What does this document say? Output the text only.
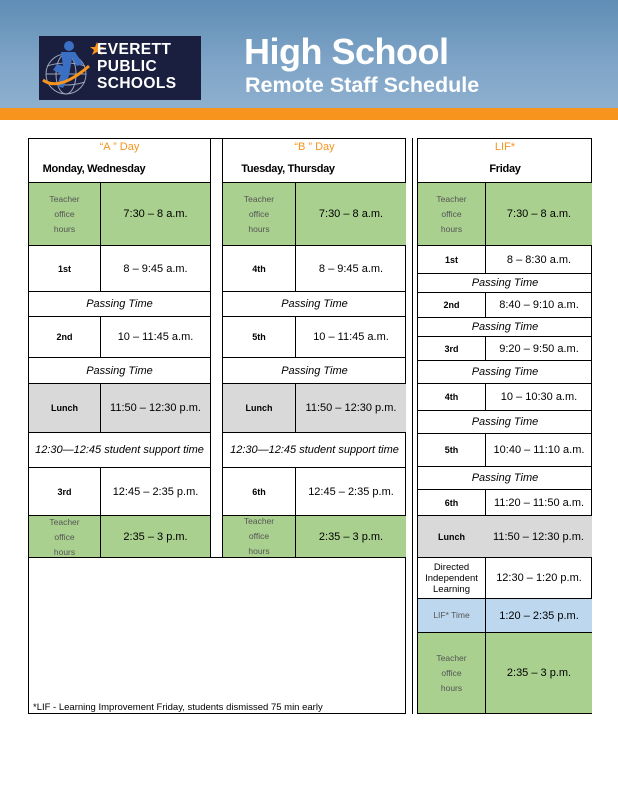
EVERETT
PUBLIC
SCHOOLS
High School
Remote Staff Schedule
“A ” Day
Monday, Wednesday
Teacher office hours
7:30 – 8 a.m.
1st	8 – 9:45 a.m.
Passing Time
2nd	10 – 11:45 a.m.
Passing Time
Lunch	11:50 – 12:30 p.m.
12:30—12:45 student support time
3rd	12:45 – 2:35 p.m.
Teacher office hours
2:35 – 3 p.m.
“B ” Day
Tuesday, Thursday
Teacher office hours
7:30 – 8 a.m.
4th	8 – 9:45 a.m.
Passing Time
5th	10 – 11:45 a.m.
Passing Time
Lunch	11:50 – 12:30 p.m.
12:30—12:45 student support time
6th	12:45 – 2:35 p.m.
Teacher office hours
2:35 – 3 p.m.
LIF*
Friday
Teacher office hours
7:30 – 8 a.m.
1st	8 – 8:30 a.m.
Passing Time
2nd	8:40 – 9:10 a.m.
Passing Time
3rd	9:20 – 9:50 a.m.
Passing Time
4th	10 – 10:30 a.m.
Passing Time
5th	10:40 – 11:10 a.m.
Passing Time
6th	11:20 – 11:50 a.m.
Lunch	11:50 – 12:30 p.m.
Directed Independent Learning
12:30 – 1:20 p.m.
LIF* Time	1:20 – 2:35 p.m.
Teacher office hours
2:35 – 3 p.m.
*LIF - Learning Improvement Friday, students dismissed 75 min early
